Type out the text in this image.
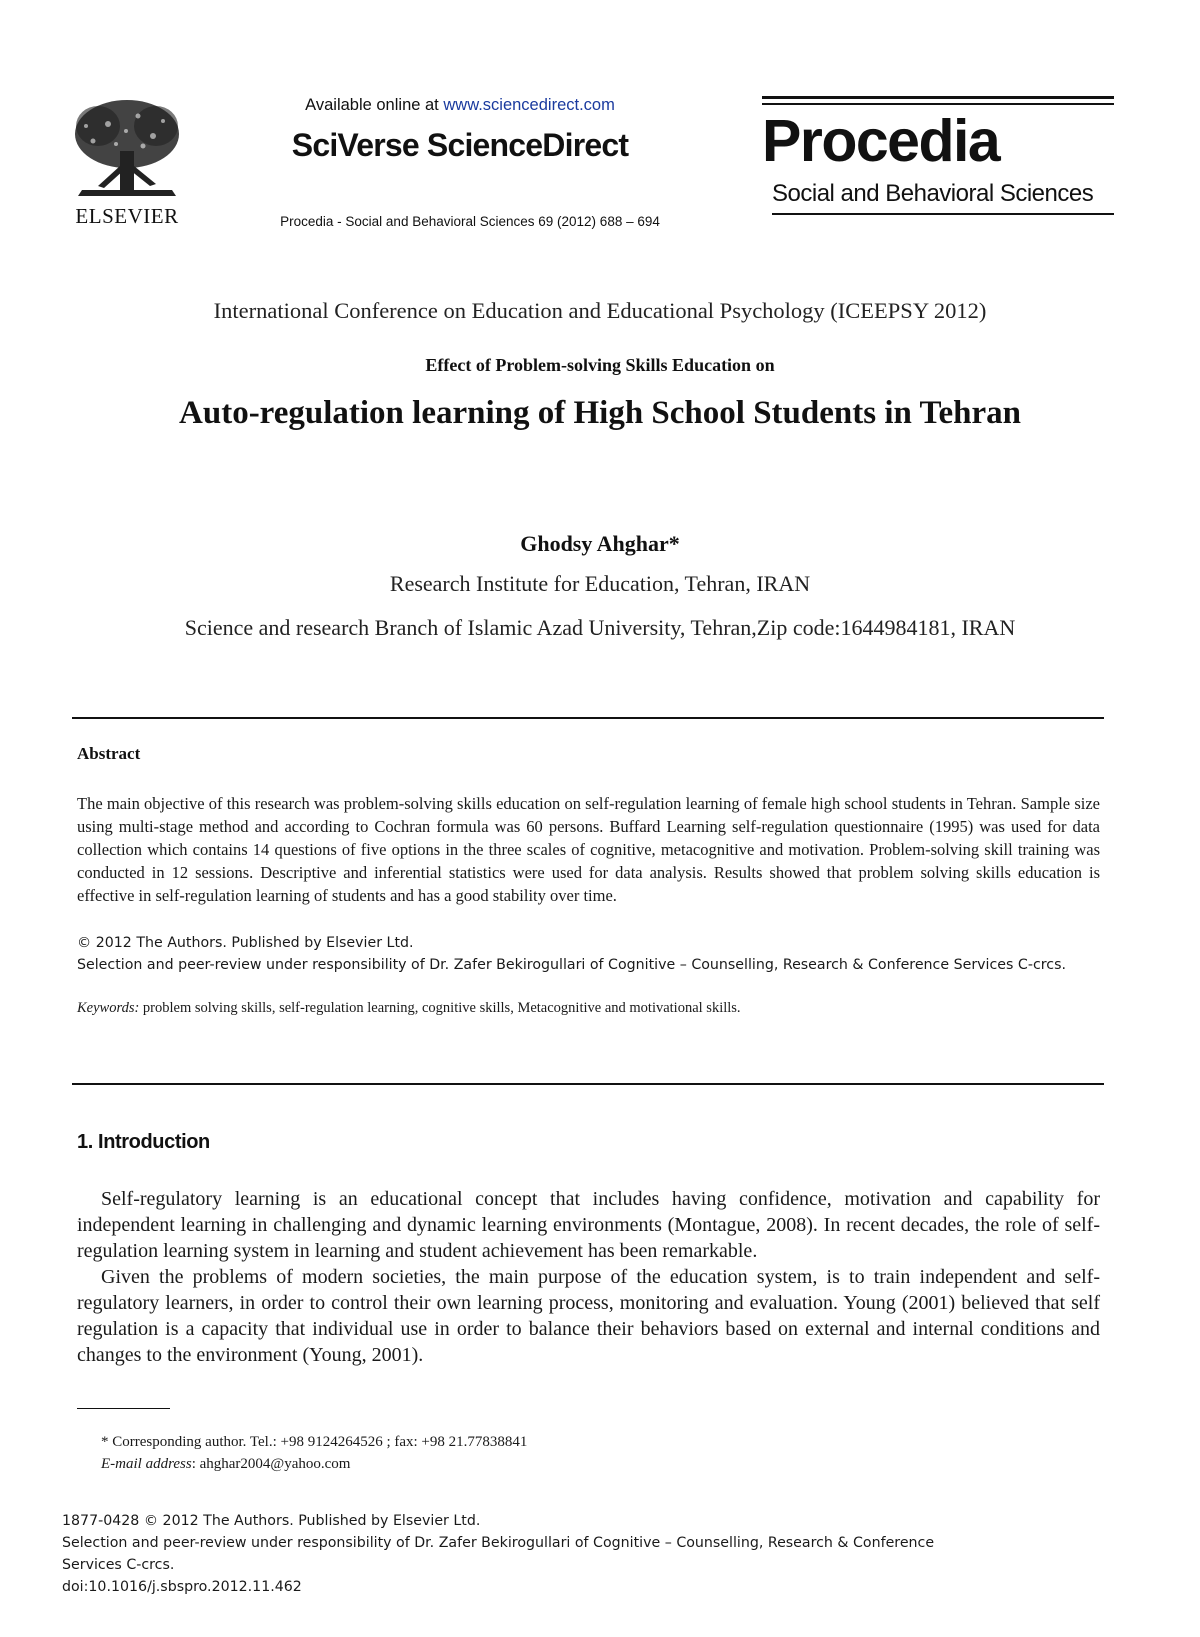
ELSEVIER
Available online at www.sciencedirect.com
SciVerse ScienceDirect
Procedia - Social and Behavioral Sciences 69 (2012) 688 – 694
Procedia
Social and Behavioral Sciences
International Conference on Education and Educational Psychology (ICEEPSY 2012)
Effect of Problem-solving Skills Education on
Auto-regulation learning of High School Students in Tehran
Ghodsy Ahghar*
Research Institute for Education, Tehran, IRAN
Science and research Branch of Islamic Azad University, Tehran,Zip code:1644984181, IRAN
Abstract
The main objective of this research was problem-solving skills education on self-regulation learning of female high school students in Tehran. Sample size using multi-stage method and according to Cochran formula was 60 persons. Buffard Learning self-regulation questionnaire (1995) was used for data collection which contains 14 questions of five options in the three scales of cognitive, metacognitive and motivation. Problem-solving skill training was conducted in 12 sessions. Descriptive and inferential statistics were used for data analysis. Results showed that problem solving skills education is effective in self-regulation learning of students and has a good stability over time.
© 2012 The Authors. Published by Elsevier Ltd.
Selection and peer-review under responsibility of Dr. Zafer Bekirogullari of Cognitive – Counselling, Research & Conference Services C-crcs.
Keywords: problem solving skills, self-regulation learning, cognitive skills, Metacognitive and motivational skills.
1. Introduction
Self-regulatory learning is an educational concept that includes having confidence, motivation and capability for independent learning in challenging and dynamic learning environments (Montague, 2008). In recent decades, the role of self-regulation learning system in learning and student achievement has been remarkable.
Given the problems of modern societies, the main purpose of the education system, is to train independent and self-regulatory learners, in order to control their own learning process, monitoring and evaluation. Young (2001) believed that self regulation is a capacity that individual use in order to balance their behaviors based on external and internal conditions and changes to the environment (Young, 2001).
* Corresponding author. Tel.: +98 9124264526 ; fax: +98 21.77838841
E-mail address: ahghar2004@yahoo.com
1877-0428 © 2012 The Authors. Published by Elsevier Ltd.
Selection and peer-review under responsibility of Dr. Zafer Bekirogullari of Cognitive – Counselling, Research & Conference
Services C-crcs.
doi:10.1016/j.sbspro.2012.11.462
